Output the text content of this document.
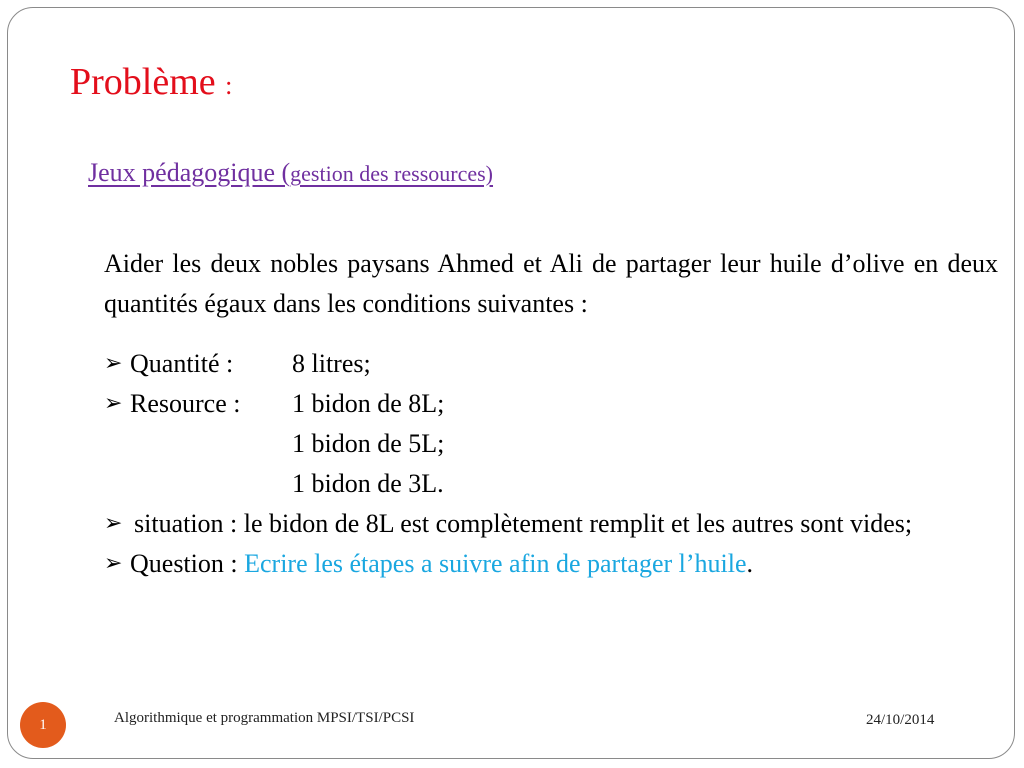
Problème :
Jeux pédagogique (gestion des ressources)

Aider les deux nobles paysans Ahmed et Ali de partager leur huile d’olive en deux quantités égaux dans les conditions suivantes :

➢ Quantité : 8 litres;
➢ Resource : 1 bidon de 8L;
1 bidon de 5L;
1 bidon de 3L.
➢ situation : le bidon de 8L est complètement remplit et les autres sont vides;
➢ Question : Ecrire les étapes a suivre afin de partager l’huile.
1	Algorithmique et programmation MPSI/TSI/PCSI	24/10/2014
